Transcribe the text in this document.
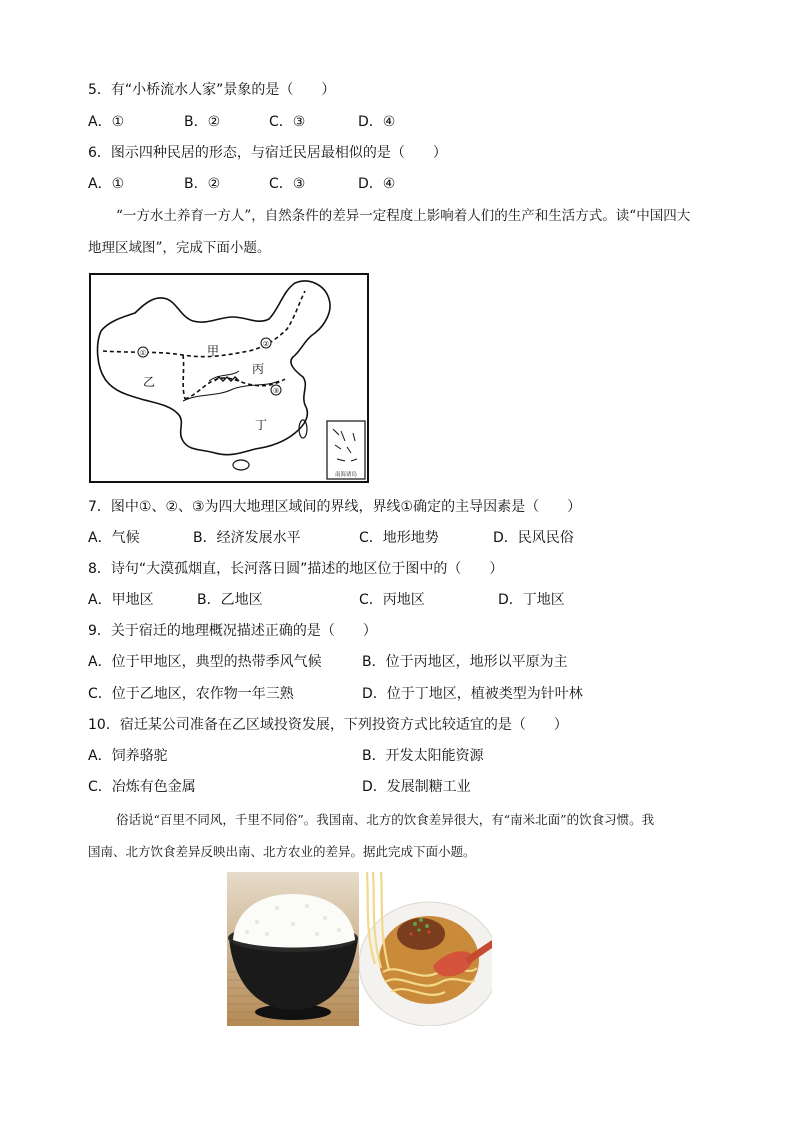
5．有“小桥流水人家”景象的是（　　）
A．①	B．②	C．③	D．④
6．图示四种民居的形态，与宿迁民居最相似的是（　　）
A．①	B．②	C．③	D．④
“一方水土养育一方人”，自然条件的差异一定程度上影响着人们的生产和生活方式。读“中国四大
地理区域图”，完成下面小题。
①
②
③
甲
乙
丙
丁
南海诸岛
7．图中①、②、③为四大地理区域间的界线，界线①确定的主导因素是（　　）
A．气候	B．经济发展水平	C．地形地势	D．民风民俗
8．诗句“大漠孤烟直，长河落日圆”描述的地区位于图中的（　　）
A．甲地区	B．乙地区	C．丙地区	D．丁地区
9．关于宿迁的地理概况描述正确的是（　　）
A．位于甲地区，典型的热带季风气候	B．位于丙地区，地形以平原为主
C．位于乙地区，农作物一年三熟	D．位于丁地区，植被类型为针叶林
10．宿迁某公司准备在乙区域投资发展，下列投资方式比较适宜的是（　　）
A．饲养骆驼	B．开发太阳能资源
C．冶炼有色金属	D．发展制糖工业
俗话说“百里不同风，千里不同俗”。我国南、北方的饮食差异很大，有“南米北面”的饮食习惯。我
国南、北方饮食差异反映出南、北方农业的差异。据此完成下面小题。
